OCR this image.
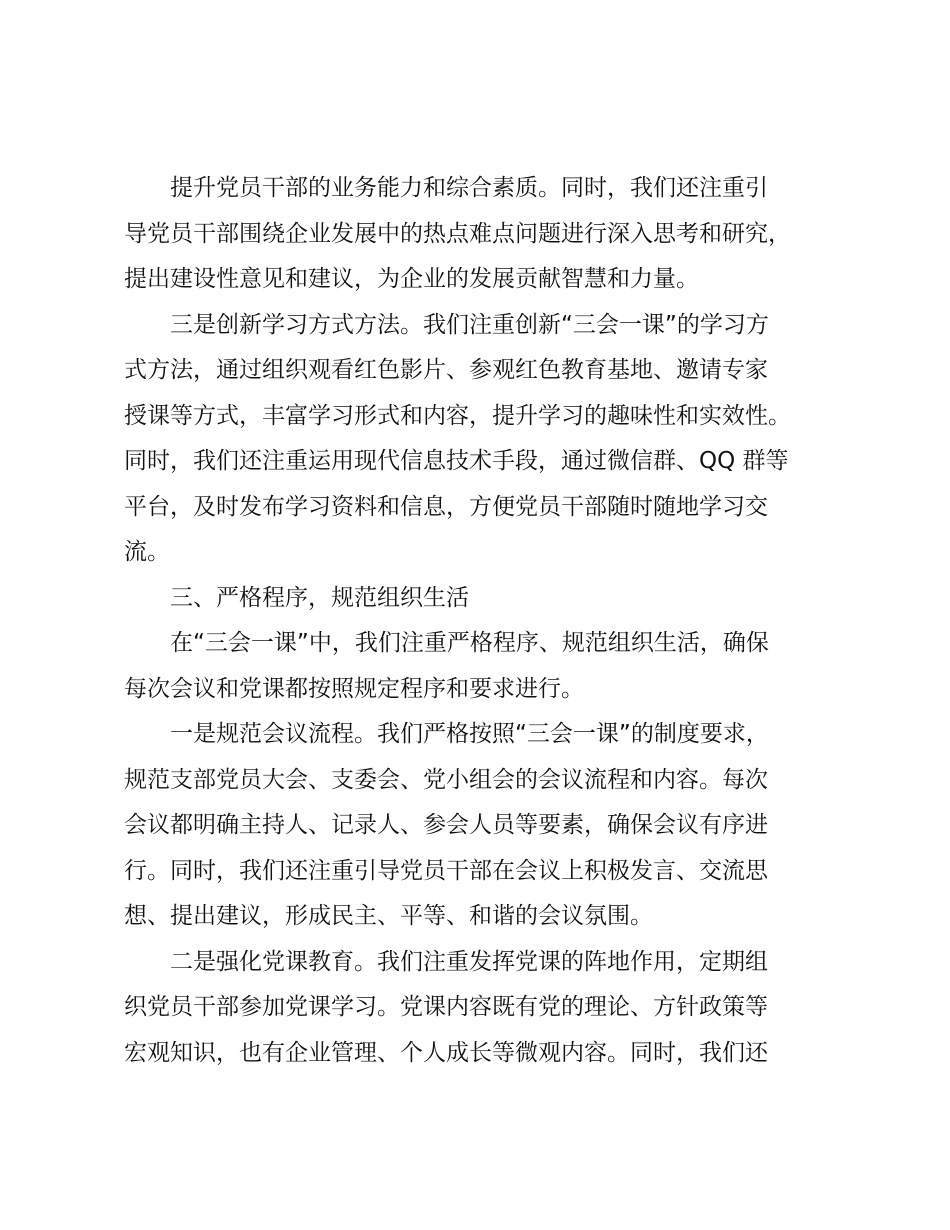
提升党员干部的业务能力和综合素质。同时，我们还注重引
导党员干部围绕企业发展中的热点难点问题进行深入思考和研究，
提出建设性意见和建议，为企业的发展贡献智慧和力量。
三是创新学习方式方法。我们注重创新“三会一课”的学习方
式方法，通过组织观看红色影片、参观红色教育基地、邀请专家
授课等方式，丰富学习形式和内容，提升学习的趣味性和实效性。
同时，我们还注重运用现代信息技术手段，通过微信群、QQ 群等
平台，及时发布学习资料和信息，方便党员干部随时随地学习交
流。
三、严格程序，规范组织生活
在“三会一课”中，我们注重严格程序、规范组织生活，确保
每次会议和党课都按照规定程序和要求进行。
一是规范会议流程。我们严格按照“三会一课”的制度要求，
规范支部党员大会、支委会、党小组会的会议流程和内容。每次
会议都明确主持人、记录人、参会人员等要素，确保会议有序进
行。同时，我们还注重引导党员干部在会议上积极发言、交流思
想、提出建议，形成民主、平等、和谐的会议氛围。
二是强化党课教育。我们注重发挥党课的阵地作用，定期组
织党员干部参加党课学习。党课内容既有党的理论、方针政策等
宏观知识，也有企业管理、个人成长等微观内容。同时，我们还
